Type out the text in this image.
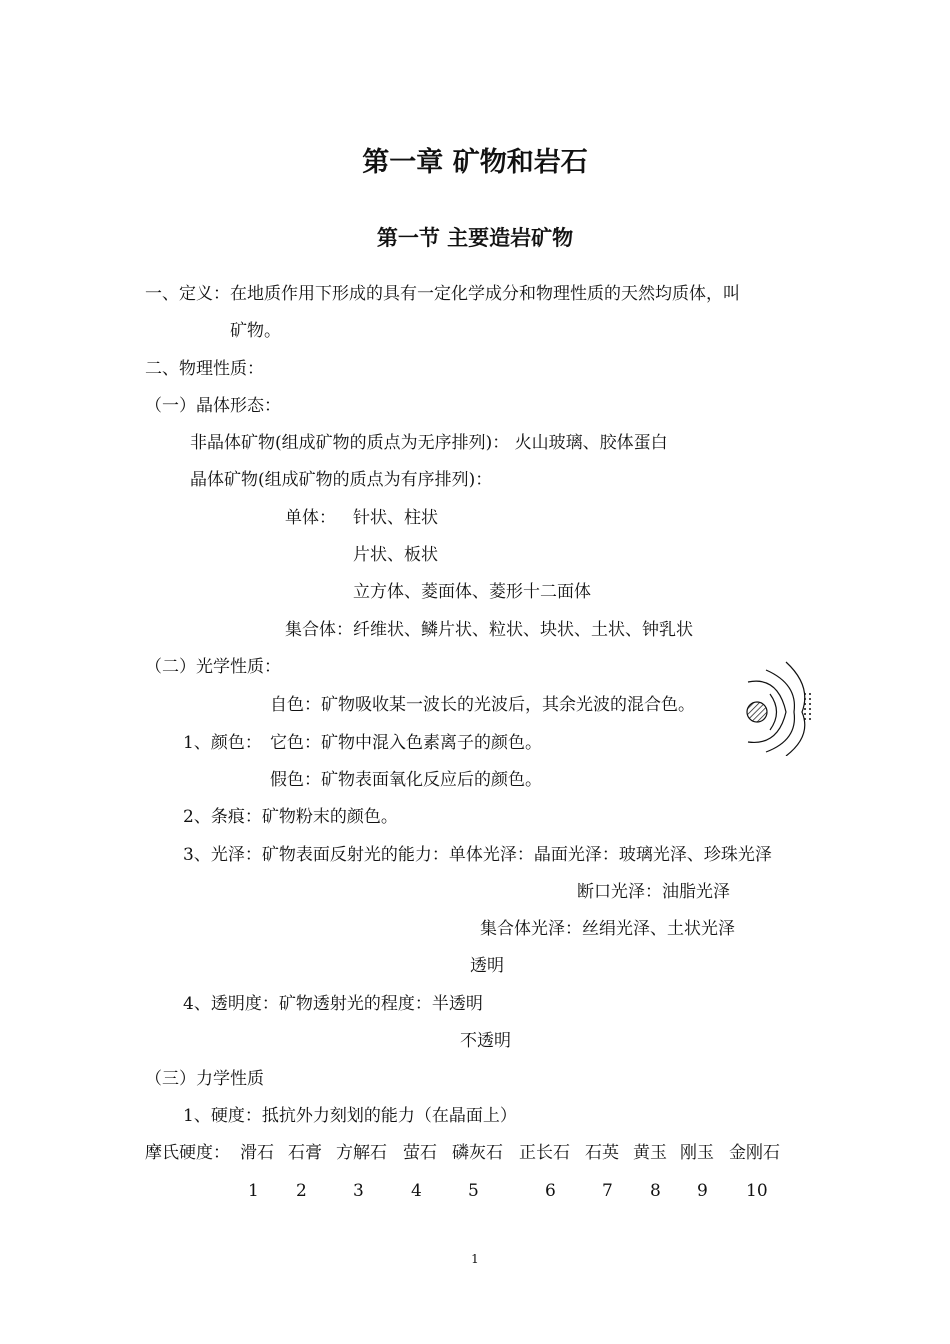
第一章 矿物和岩石
第一节 主要造岩矿物
一、定义：在地质作用下形成的具有一定化学成分和物理性质的天然均质体，叫
矿物。
二、物理性质：
（一）晶体形态：
非晶体矿物(组成矿物的质点为无序排列)： 火山玻璃、胶体蛋白
晶体矿物(组成矿物的质点为有序排列)：
单体： 针状、柱状
片状、板状
立方体、菱面体、菱形十二面体
集合体：纤维状、鳞片状、粒状、块状、土状、钟乳状
（二）光学性质：
自色：矿物吸收某一波长的光波后，其余光波的混合色。
1、颜色： 它色：矿物中混入色素离子的颜色。
假色：矿物表面氧化反应后的颜色。
2、条痕：矿物粉末的颜色。
3、光泽：矿物表面反射光的能力：单体光泽：晶面光泽：玻璃光泽、珍珠光泽
断口光泽：油脂光泽
集合体光泽：丝绢光泽、土状光泽
透明
4、透明度：矿物透射光的程度：半透明
不透明
（三）力学性质
1、硬度：抵抗外力刻划的能力（在晶面上）
摩氏硬度： 滑石 石膏 方解石 萤石 磷灰石 正长石 石英 黄玉 刚玉 金刚石
1 2	3	4	5	6	7 8 9 10
1
